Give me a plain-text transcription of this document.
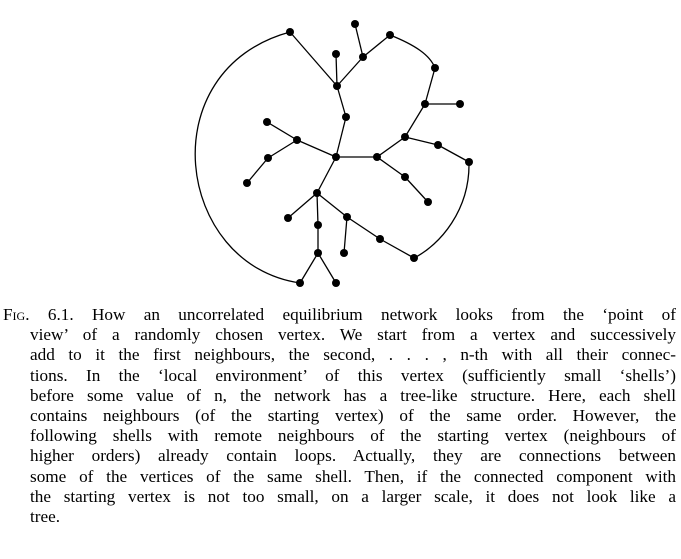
Fig. 6.1. How an uncorrelated equilibrium network looks from the ‘point of
view’ of a randomly chosen vertex. We start from a vertex and successively
add to it the first neighbours, the second, . . . , n-th with all their connec-
tions. In the ‘local environment’ of this vertex (sufficiently small ‘shells’)
before some value of n, the network has a tree-like structure. Here, each shell
contains neighbours (of the starting vertex) of the same order. However, the
following shells with remote neighbours of the starting vertex (neighbours of
higher orders) already contain loops. Actually, they are connections between
some of the vertices of the same shell. Then, if the connected component with
the starting vertex is not too small, on a larger scale, it does not look like a
tree.
